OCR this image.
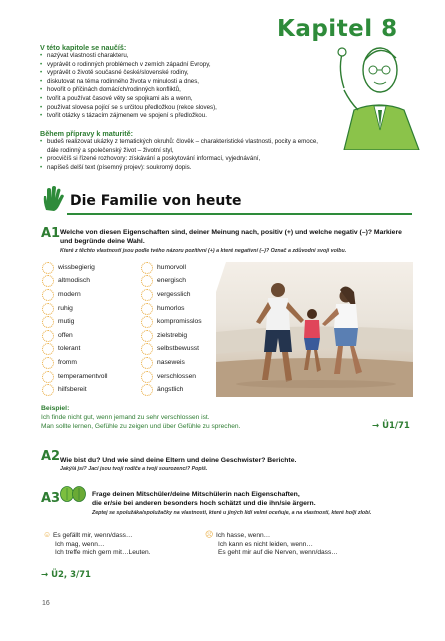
Kapitel 8
V této kapitole se naučíš:
• nazývat vlastnosti charakteru,
• vyprávět o rodinných problémech v zemích západní Evropy,
• vyprávět o životě současné české/slovenské rodiny,
• diskutovat na téma rodinného života v minulosti a dnes,
• hovořit o příčinách domácích/rodinných konfliktů,
• tvořit a používat časové věty se spojkami als a wenn,
• používat slovesa pojící se s určitou předložkou (rekce sloves),
• tvořit otázky s tázacím zájmenem ve spojení s předložkou.
Během přípravy k maturitě:
• budeš realizovat ukázky z tematických okruhů: člověk – charakteristické vlastnosti, pocity a emoce, dále rodinný a společenský život – životní styl,
• procvičíš si řízené rozhovory: získávání a poskytování informací, vyjednávání,
• napíšeš delší text (písemný projev): soukromý dopis.
Die Familie von heute
A1 Welche von diesen Eigenschaften sind, deiner Meinung nach, positiv (+) und welche negativ (–)? Markiere und begründe deine Wahl.
Které z těchto vlastností jsou podle tvého názoru pozitivní (+) a které negativní (–)? Označ a zdůvodni svoji volbu.
wissbegierig
altmodisch
modern
ruhig
mutig
offen
tolerant
fromm
temperamentvoll
hilfsbereit
humorvoll
energisch
vergesslich
humorlos
kompromisslos
zielstrebig
selbstbewusst
naseweis
verschlossen
ängstlich
Beispiel:
Ich finde nicht gut, wenn jemand zu sehr verschlossen ist.
Man sollte lernen, Gefühle zu zeigen und über Gefühle zu sprechen.	→ Ü1/71
A2 Wie bist du? Und wie sind deine Eltern und deine Geschwister? Berichte.
Jaký/á jsi? Jací jsou tvoji rodiče a tvoji sourozenci? Popiš.
A3	Frage deinen Mitschüler/deine Mitschülerin nach Eigenschaften,
die er/sie bei anderen besonders hoch schätzt und die ihn/sie ärgern.
Zeptej se spolužáka/spolužačky na vlastnosti, které u jiných lidí velmi oceňuje, a na vlastnosti, které ho/ji zlobí.
☺ Es gefällt mir, wenn/dass…
Ich mag, wenn…
Ich treffe mich gern mit…Leuten.
☹ Ich hasse, wenn…
Ich kann es nicht leiden, wenn…
Es geht mir auf die Nerven, wenn/dass…
→ Ü2, 3/71
16
